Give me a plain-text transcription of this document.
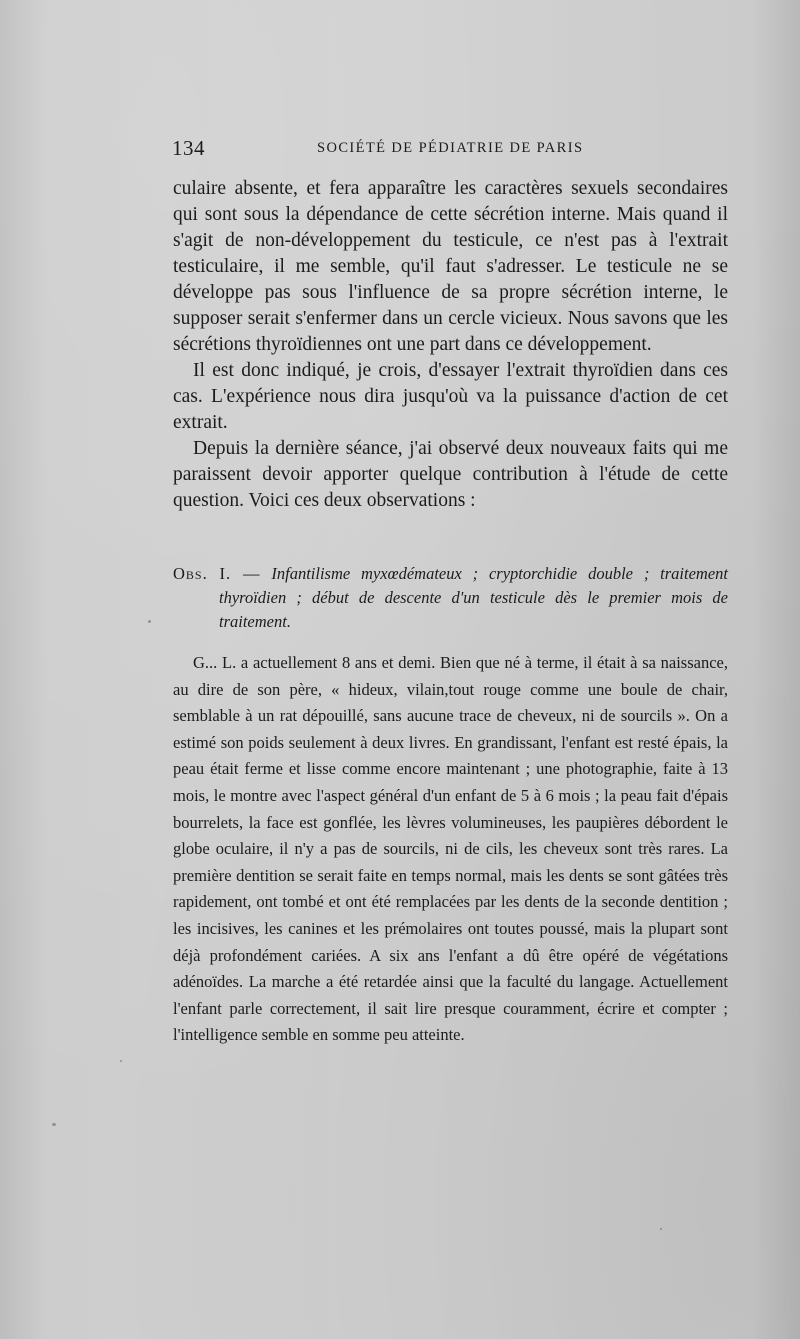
134	SOCIÉTÉ DE PÉDIATRIE DE PARIS

culaire absente, et fera apparaître les caractères sexuels secondaires qui sont sous la dépendance de cette sécrétion interne. Mais quand il s'agit de non-développement du testicule, ce n'est pas à l'extrait testiculaire, il me semble, qu'il faut s'adresser. Le testicule ne se développe pas sous l'influence de sa propre sécrétion interne, le supposer serait s'enfermer dans un cercle vicieux. Nous savons que les sécrétions thyroïdiennes ont une part dans ce développement.

Il est donc indiqué, je crois, d'essayer l'extrait thyroïdien dans ces cas. L'expérience nous dira jusqu'où va la puissance d'action de cet extrait.

Depuis la dernière séance, j'ai observé deux nouveaux faits qui me paraissent devoir apporter quelque contribution à l'étude de cette question. Voici ces deux observations :

Obs. I. — Infantilisme myxœdémateux ; cryptorchidie double ; traitement thyroïdien ; début de descente d'un testicule dès le premier mois de traitement.

G... L. a actuellement 8 ans et demi. Bien que né à terme, il était à sa naissance, au dire de son père, « hideux, vilain,tout rouge comme une boule de chair, semblable à un rat dépouillé, sans aucune trace de cheveux, ni de sourcils ». On a estimé son poids seulement à deux livres. En grandissant, l'enfant est resté épais, la peau était ferme et lisse comme encore maintenant ; une photographie, faite à 13 mois, le montre avec l'aspect général d'un enfant de 5 à 6 mois ; la peau fait d'épais bourrelets, la face est gonflée, les lèvres volumineuses, les paupières débordent le globe oculaire, il n'y a pas de sourcils, ni de cils, les cheveux sont très rares. La première dentition se serait faite en temps normal, mais les dents se sont gâtées très rapidement, ont tombé et ont été remplacées par les dents de la seconde dentition ; les incisives, les canines et les prémolaires ont toutes poussé, mais la plupart sont déjà profondément cariées. A six ans l'enfant a dû être opéré de végétations adénoïdes. La marche a été retardée ainsi que la faculté du langage. Actuellement l'enfant parle correctement, il sait lire presque couramment, écrire et compter ; l'intelligence semble en somme peu atteinte.
